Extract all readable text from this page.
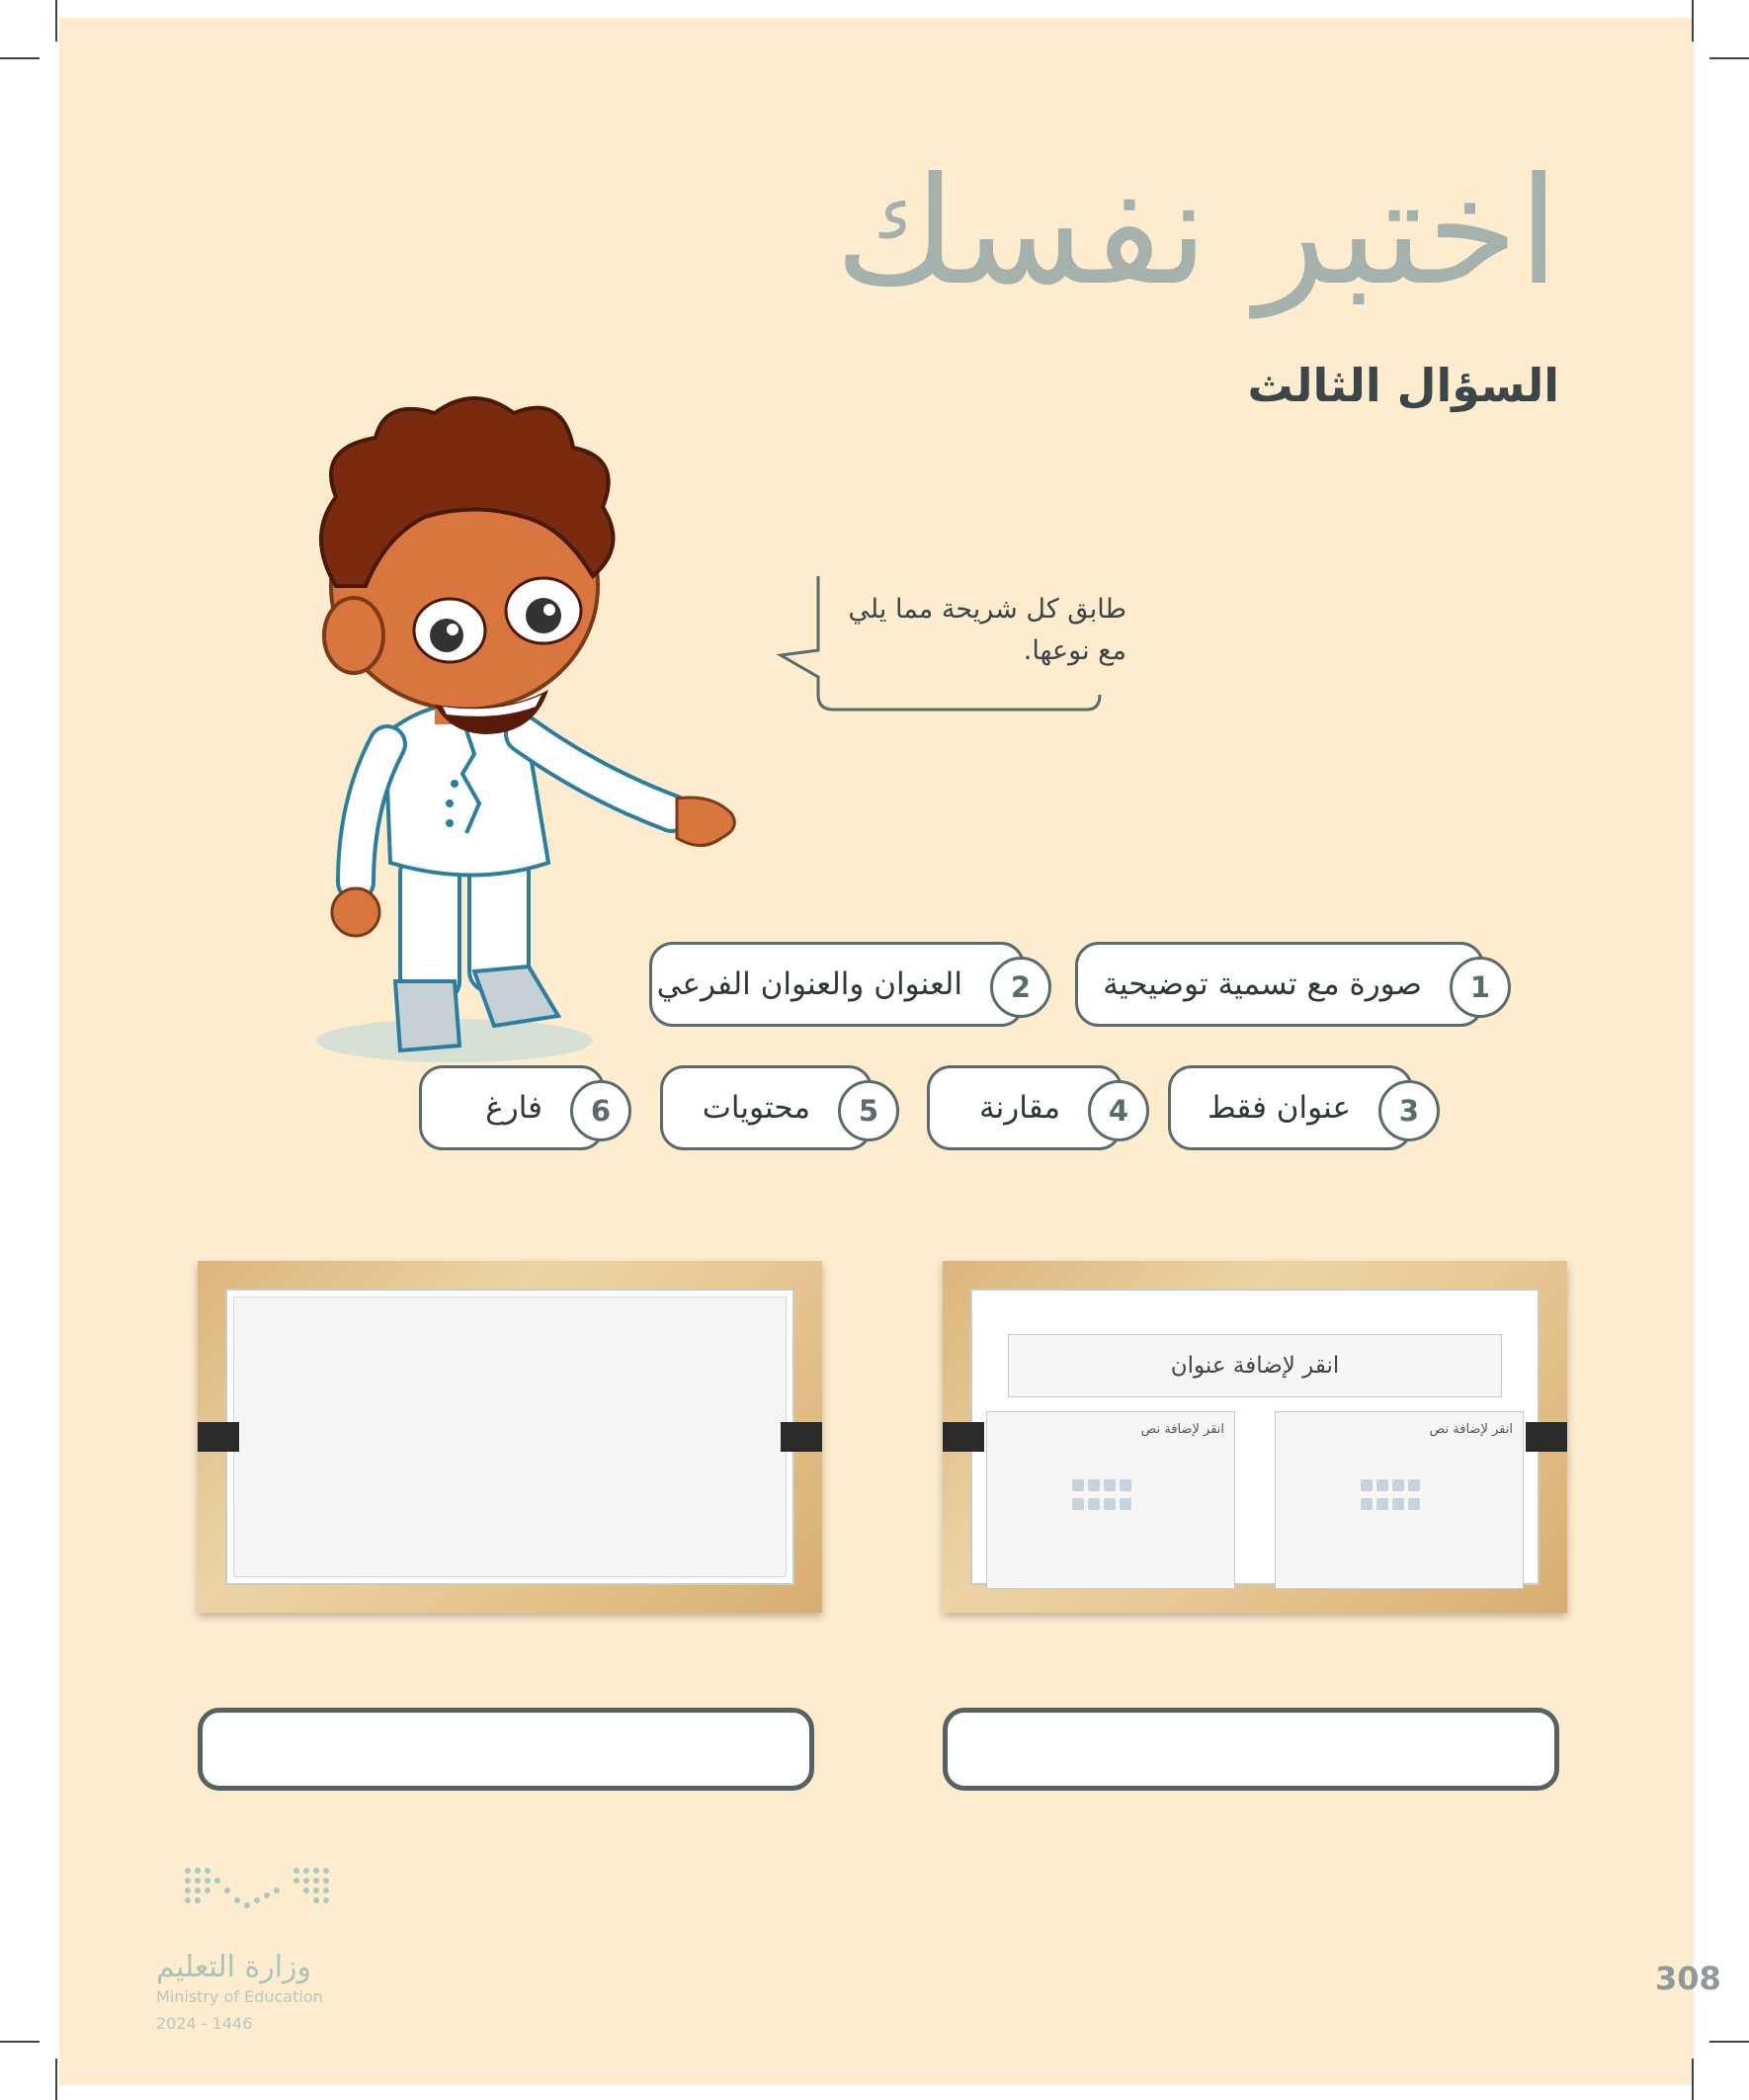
اختبر نفسك
السؤال الثالث
طابق كل شريحة مما يلي
مع نوعها.
صورة مع تسمية توضيحية	1
العنوان والعنوان الفرعي	2
عنوان فقط	3
مقارنة	4
محتويات	5
فارغ	6
انقر لإضافة عنوان
انقر لإضافة نص
انقر لإضافة نص
وزارة التعليم
Ministry of Education
2024 - 1446
308
